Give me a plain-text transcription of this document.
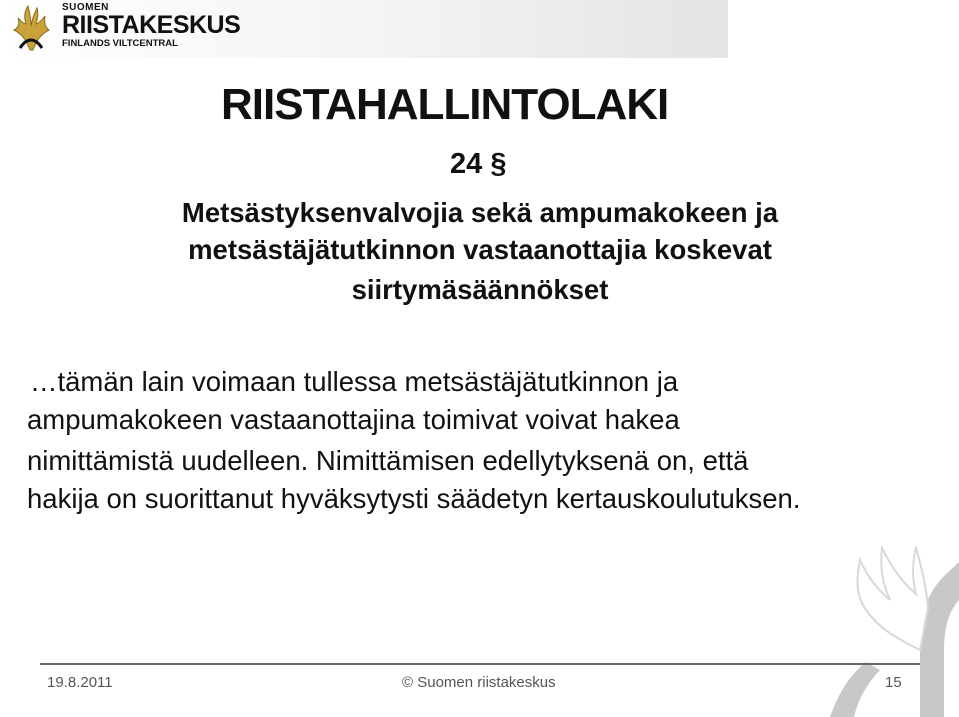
SUOMEN
RIISTAKESKUS
FINLANDS VILTCENTRAL
RIISTAHALLINTOLAKI
24 §
Metsästyksenvalvojia sekä ampumakokeen ja
metsästäjätutkinnon vastaanottajia koskevat
siirtymäsäännökset
…tämän lain voimaan tullessa metsästäjätutkinnon ja
ampumakokeen vastaanottajina toimivat voivat hakea
nimittämistä uudelleen. Nimittämisen edellytyksenä on, että
hakija on suorittanut hyväksytysti säädetyn kertauskoulutuksen.
19.8.2011	© Suomen riistakeskus	15
